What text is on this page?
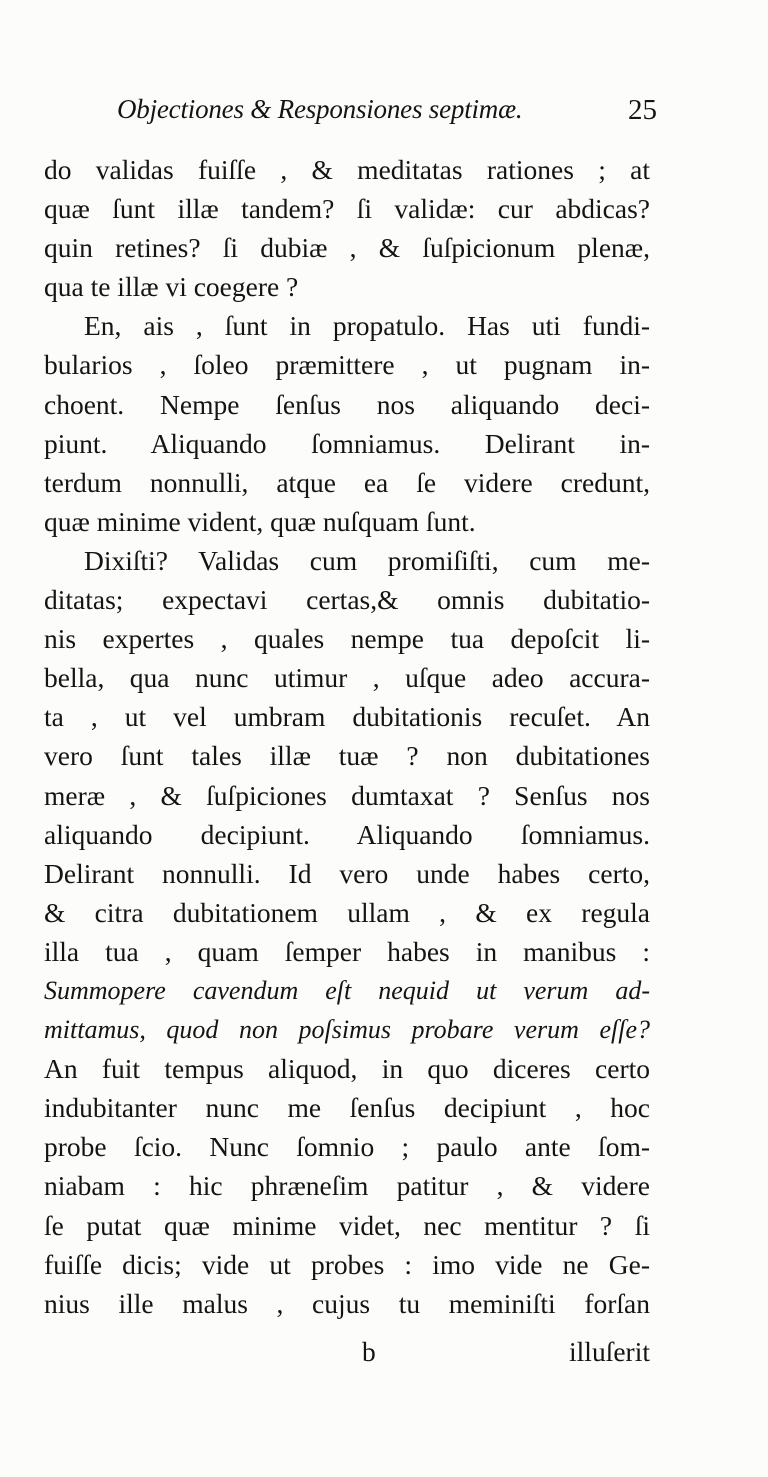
Objectiones & Responsiones septimæ.	25
do validas fuiſſe , & meditatas rationes ; at
quæ ſunt illæ tandem? ſi validæ: cur abdicas?
quin retines? ſi dubiæ , & ſuſpicionum plenæ,
qua te illæ vi coegere ?
En, ais , ſunt in propatulo. Has uti fundi-
bularios , ſoleo præmittere , ut pugnam in-
choent. Nempe ſenſus nos aliquando deci-
piunt. Aliquando ſomniamus. Delirant in-
terdum nonnulli, atque ea ſe videre credunt,
quæ minime vident, quæ nuſquam ſunt.
Dixiſti? Validas cum promiſiſti, cum me-
ditatas; expectavi certas,& omnis dubitatio-
nis expertes , quales nempe tua depoſcit li-
bella, qua nunc utimur , uſque adeo accura-
ta , ut vel umbram dubitationis recuſet. An
vero ſunt tales illæ tuæ ? non dubitationes
meræ , & ſuſpiciones dumtaxat ? Senſus nos
aliquando decipiunt. Aliquando ſomniamus.
Delirant nonnulli. Id vero unde habes certo,
& citra dubitationem ullam , & ex regula
illa tua , quam ſemper habes in manibus :
Summopere cavendum eſt nequid ut verum ad-
mittamus, quod non poſsimus probare verum eſſe?
An fuit tempus aliquod, in quo diceres certo
indubitanter nunc me ſenſus decipiunt , hoc
probe ſcio. Nunc ſomnio ; paulo ante ſom-
niabam : hic phrænеſim patitur , & videre
ſe putat quæ minime videt, nec mentitur ? ſi
fuiſſe dicis; vide ut probes : imo vide ne Ge-
nius ille malus , cujus tu meminiſti forſan
b	illuſerit
